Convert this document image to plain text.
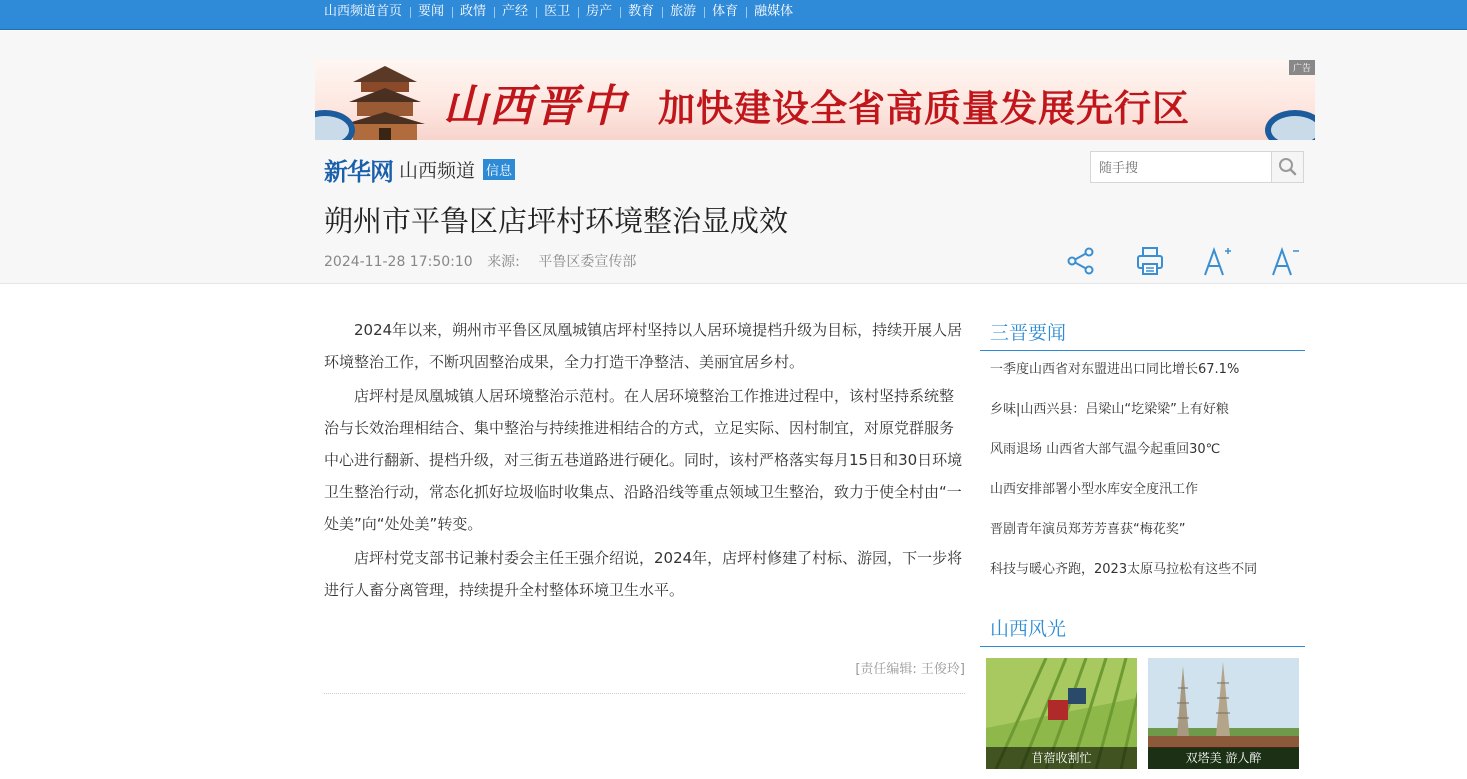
山西频道首页	要闻	政情	产经	医卫	房产	教育	旅游	体育	融媒体
山西晋中 加快建设全省高质量发展先行区
广告
新华网 山西频道 信息
随手搜
朔州市平鲁区店坪村环境整治显成效
2024-11-28 17:50:10 来源: 平鲁区委宣传部

2024年以来，朔州市平鲁区凤凰城镇店坪村坚持以人居环境提档升级为目标，持续开展人居环境整治工作，不断巩固整治成果，全力打造干净整洁、美丽宜居乡村。

店坪村是凤凰城镇人居环境整治示范村。在人居环境整治工作推进过程中，该村坚持系统整治与长效治理相结合、集中整治与持续推进相结合的方式，立足实际、因村制宜，对原党群服务中心进行翻新、提档升级，对三街五巷道路进行硬化。同时，该村严格落实每月15日和30日环境卫生整治行动，常态化抓好垃圾临时收集点、沿路沿线等重点领域卫生整治，致力于使全村由“一处美”向“处处美”转变。

店坪村党支部书记兼村委会主任王强介绍说，2024年，店坪村修建了村标、游园，下一步将进行人畜分离管理，持续提升全村整体环境卫生水平。

[责任编辑: 王俊玲]
三晋要闻
一季度山西省对东盟进出口同比增长67.1%
乡味|山西兴县：吕梁山“圪梁梁”上有好粮
风雨退场 山西省大部气温今起重回30℃
山西安排部署小型水库安全度汛工作
晋剧青年演员郑芳芳喜获“梅花奖”
科技与暖心齐跑，2023太原马拉松有这些不同
山西风光
苜蓿收割忙	双塔美 游人醉
